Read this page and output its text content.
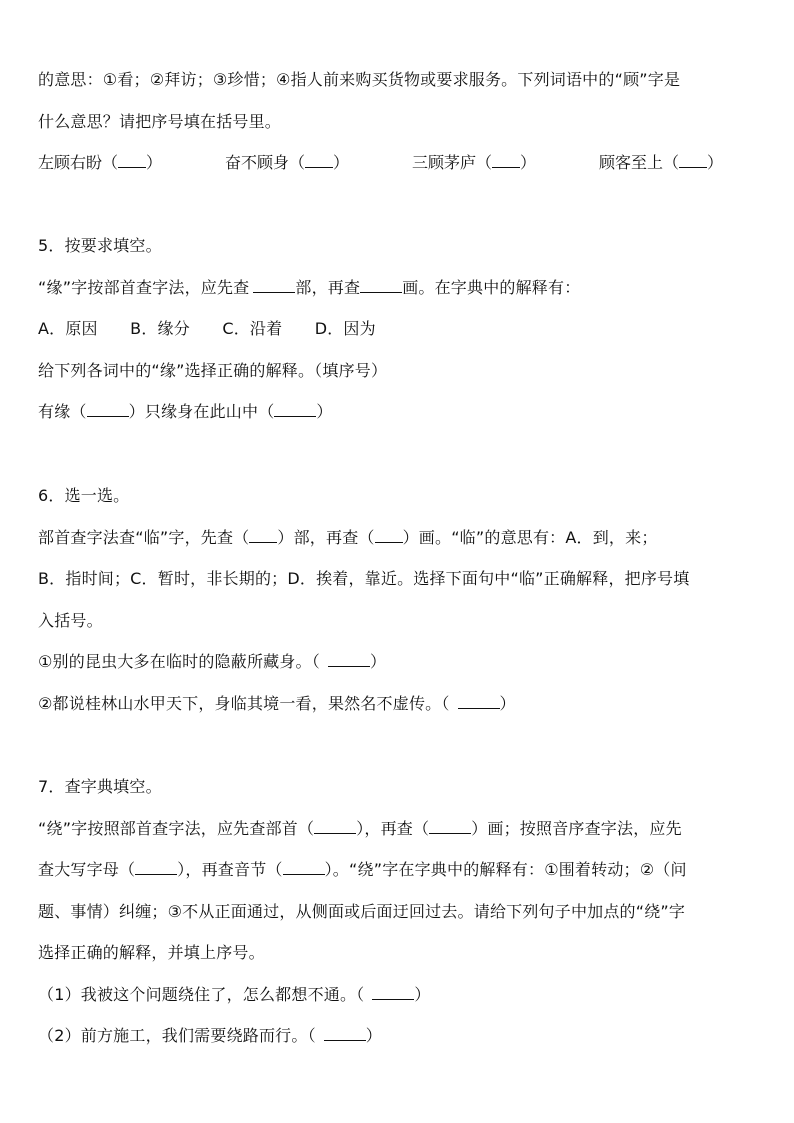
的意思：①看；②拜访；③珍惜；④指人前来购买货物或要求服务。下列词语中的“顾”字是
什么意思？请把序号填在括号里。
左顾右盼（ ）	奋不顾身（ ）	三顾茅庐（ ）	顾客至上（ ）
5．按要求填空。
“缘”字按部首查字法，应先查	部，再查	画。在字典中的解释有：
A．原因　　B．缘分　　C．沿着　　D．因为
给下列各词中的“缘”选择正确的解释。（填序号）
有缘（	）只缘身在此山中（	）
6．选一选。
部首查字法查“临”字，先查（ ）部，再查（ ）画。“临”的意思有：A．到，来；
B．指时间；C．暂时，非长期的；D．挨着，靠近。选择下面句中“临”正确解释，把序号填
入括号。
①别的昆虫大多在临时的隐蔽所藏身。（	）
②都说桂林山水甲天下，身临其境一看，果然名不虚传。（	）
7．查字典填空。
“绕”字按照部首查字法，应先查部首（	），再查（	）画；按照音序查字法，应先
查大写字母（	），再查音节（	）。“绕”字在字典中的解释有：①围着转动；②（问
题、事情）纠缠；③不从正面通过，从侧面或后面迂回过去。请给下列句子中加点的“绕”字
选择正确的解释，并填上序号。
（1）我被这个问题绕住了，怎么都想不通。（	）
（2）前方施工，我们需要绕路而行。（	）
